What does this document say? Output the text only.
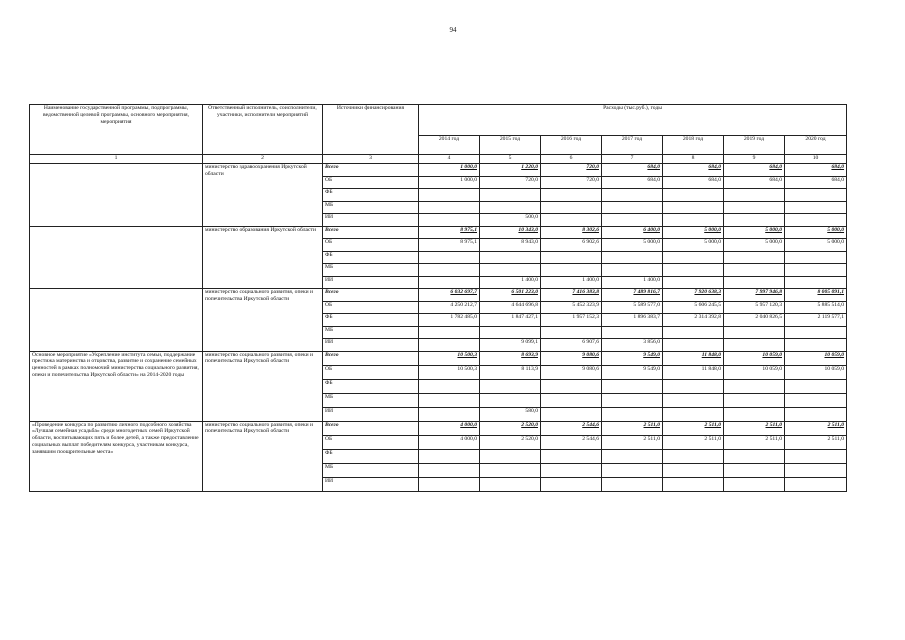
94
Наименование государственной программы, подпрограммы, ведомственной целевой программы, основного мероприятия, мероприятия	Ответственный исполнитель, соисполнители, участники, исполнители мероприятий	Источники финансирования	Расходы (тыс.руб.), годы						
			2014 год	2015 год	2016 год	2017 год	2018 год	2019 год	2020 год
1	2	3	4	5	6	7	8	9	10
	министерство здравоохранения Иркутской области	Всего	1 000,0	1 220,0	720,0	684,0	684,0	684,0	684,0
		ОБ	1 000,0	720,0	720,0	684,0	684,0	684,0	684,0
		ФБ							
		МБ							
		ИИ		500,0					
	министерство образования Иркутской области	Всего	8 975,1	10 343,0	8 302,6	6 400,0	5 000,0	5 000,0	5 000,0
		ОБ	8 975,1	8 943,0	6 902,6	5 000,0	5 000,0	5 000,0	5 000,0
		ФБ							
		МБ							
		ИИ		1 400,0	1 400,0	1 400,0			
	министерство социального развития, опеки и попечительства Иркутской области	Всего	6 032 697,7	6 501 223,0	7 416 383,8	7 489 816,7	7 920 638,3	7 997 946,8	8 005 091,1
		ОБ	4 250 212,7	4 644 696,8	5 452 323,9	5 589 577,0	5 606 245,5	5 957 120,3	5 885 514,0
		ФБ	1 782 485,0	1 847 427,1	1 957 152,3	1 896 383,7	2 314 392,8	2 040 826,5	2 119 577,1
		МБ							
		ИИ		9 099,1	6 907,6	3 856,0			
Основное мероприятие «Укрепление института семьи, поддержание престижа материнства и отцовства, развитие и сохранение семейных ценностей в рамках полномочий министерства социального развития, опеки и попечительства Иркутской области» на 2014-2020 годы	министерство социального развития, опеки и попечительства Иркутской области	Всего	10 500,3	8 693,9	9 080,6	9 549,0	11 848,0	10 059,0	10 059,0
		ОБ	10 500,3	8 113,9	9 080,6	9 549,0	11 848,0	10 059,0	10 059,0
		ФБ							
		МБ							
		ИИ		580,0					
«Проведение конкурса по развитию личного подсобного хозяйства «Лучшая семейная усадьба» среди многодетных семей Иркутской области, воспитывающих пять и более детей, а также предоставление социальных выплат победителям конкурса, участникам конкурса, занявшим поощрительные места»	министерство социального развития, опеки и попечительства Иркутской области	Всего	4 000,0	2 520,0	2 544,6	2 511,0	2 511,0	2 511,0	2 511,0
		ОБ	4 000,0	2 520,0	2 544,6	2 511,0	2 511,0	2 511,0	2 511,0
		ФБ							
		МБ							
		ИИ							
